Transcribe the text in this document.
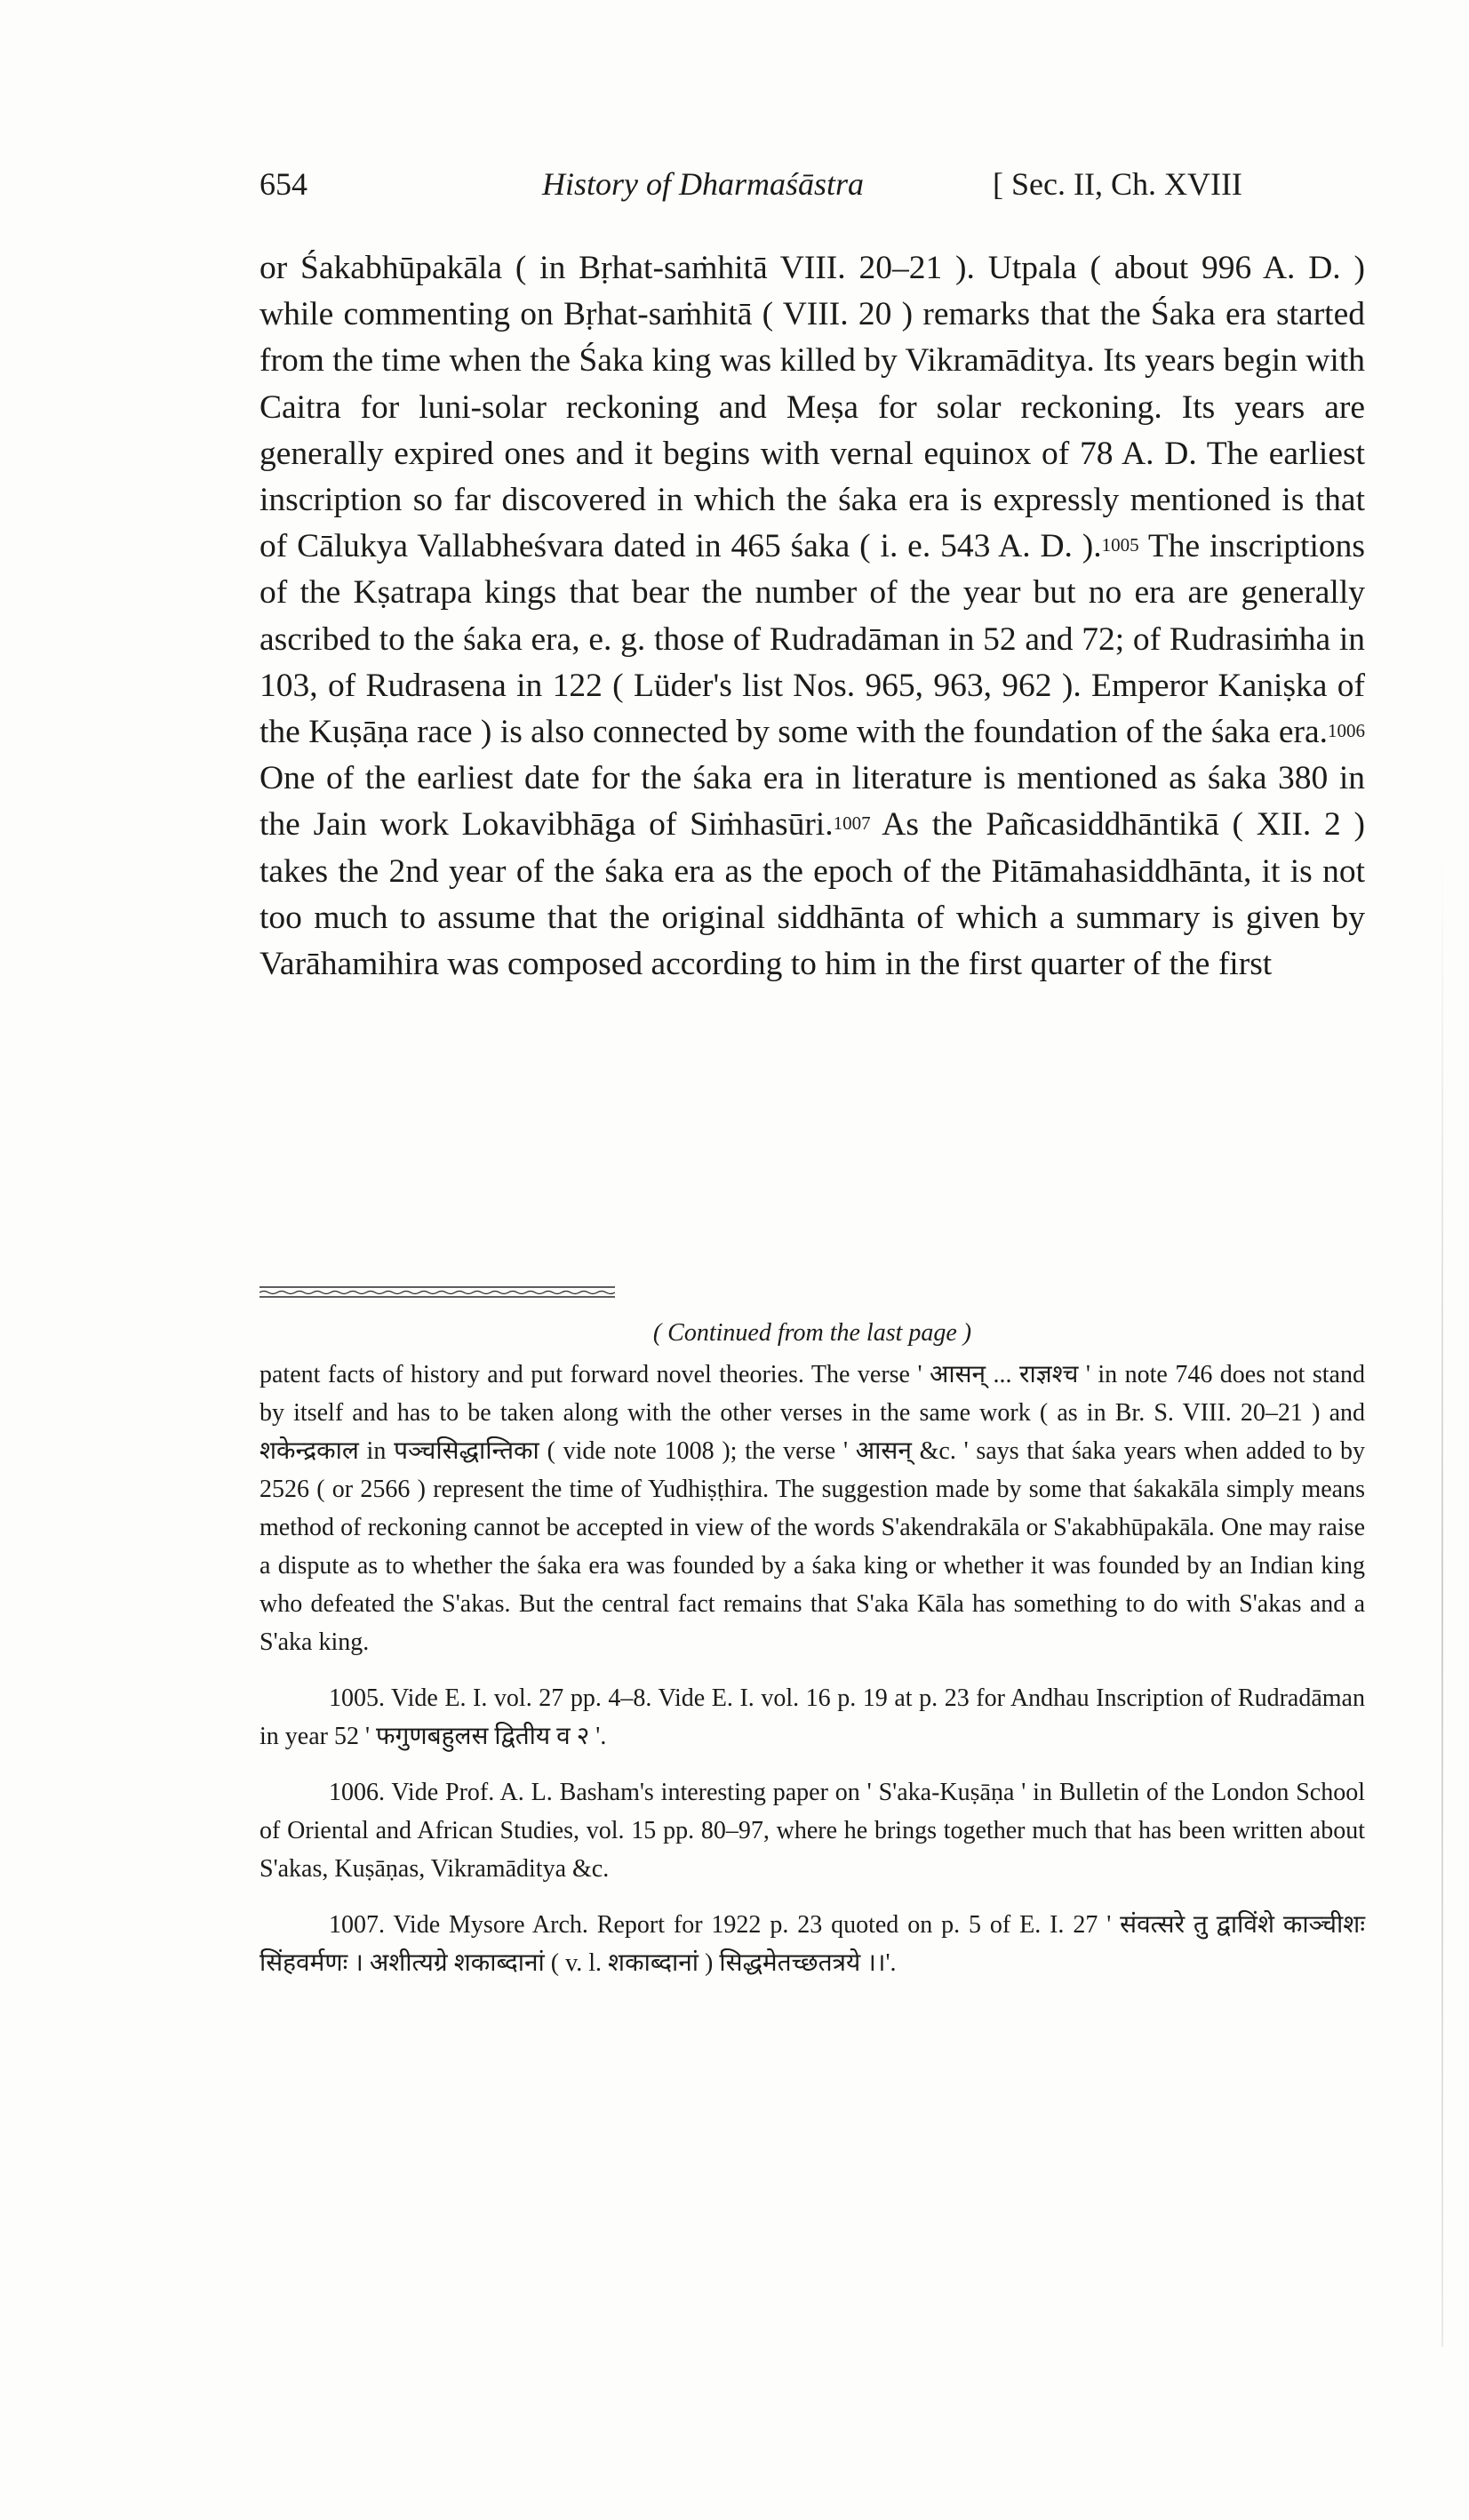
654	History of Dharmaśāstra	[ Sec. II, Ch. XVIII

or Śakabhūpakāla ( in Bṛhat-saṁhitā VIII. 20–21 ). Utpala ( about 996 A. D. ) while commenting on Bṛhat-saṁhitā ( VIII. 20 ) remarks that the Śaka era started from the time when the Śaka king was killed by Vikramāditya. Its years begin with Caitra for luni-solar reckoning and Meṣa for solar reckoning. Its years are generally expired ones and it begins with vernal equinox of 78 A. D. The earliest inscription so far discovered in which the śaka era is expressly mentioned is that of Cālukya Vallabheśvara dated in 465 śaka ( i. e. 543 A. D. ).$^{1005}$ The inscriptions of the Kṣatrapa kings that bear the number of the year but no era are generally ascribed to the śaka era, e. g. those of Rudradāman in 52 and 72; of Rudrasiṁha in 103, of Rudrasena in 122 ( Lüder's list Nos. 965, 963, 962 ). Emperor Kaniṣka of the Kuṣāṇa race ) is also connected by some with the foundation of the śaka era.$^{1006}$ One of the earliest date for the śaka era in literature is mentioned as śaka 380 in the Jain work Lokavibhāga of Siṁhasūri.$^{1007}$ As the Pañcasiddhāntikā ( XII. 2 ) takes the 2nd year of the śaka era as the epoch of the Pitāmahasiddhānta, it is not too much to assume that the original siddhānta of which a summary is given by Varāhamihira was composed according to him in the first quarter of the first

( Continued from the last page )

patent facts of history and put forward novel theories. The verse ' आसन् ... राज्ञश्च ' in note 746 does not stand by itself and has to be taken along with the other verses in the same work ( as in Br. S. VIII. 20–21 ) and शकेन्द्रकाल in पञ्चसिद्धान्तिका ( vide note 1008 ); the verse ' आसन् &c. ' says that śaka years when added to by 2526 ( or 2566 ) represent the time of Yudhiṣṭhira. The suggestion made by some that śakakāla simply means method of reckoning cannot be accepted in view of the words S'akendrakāla or S'akabhūpakāla. One may raise a dispute as to whether the śaka era was founded by a śaka king or whether it was founded by an Indian king who defeated the S'akas. But the central fact remains that S'aka Kāla has something to do with S'akas and a S'aka king.

1005. Vide E. I. vol. 27 pp. 4–8. Vide E. I. vol. 16 p. 19 at p. 23 for Andhau Inscription of Rudradāman in year 52 ' फगुणबहुलस द्वितीय व २ '.

1006. Vide Prof. A. L. Basham's interesting paper on ' S'aka-Kuṣāṇa ' in Bulletin of the London School of Oriental and African Studies, vol. 15 pp. 80–97, where he brings together much that has been written about S'akas, Kuṣāṇas, Vikramāditya &c.

1007. Vide Mysore Arch. Report for 1922 p. 23 quoted on p. 5 of E. I. 27 ' संवत्सरे तु द्वाविंशे काञ्चीशः सिंहवर्मणः । अशीत्यग्रे शकाब्दानां ( v. l. शकाब्दानां ) सिद्धमेतच्छतत्रये ।।'.
